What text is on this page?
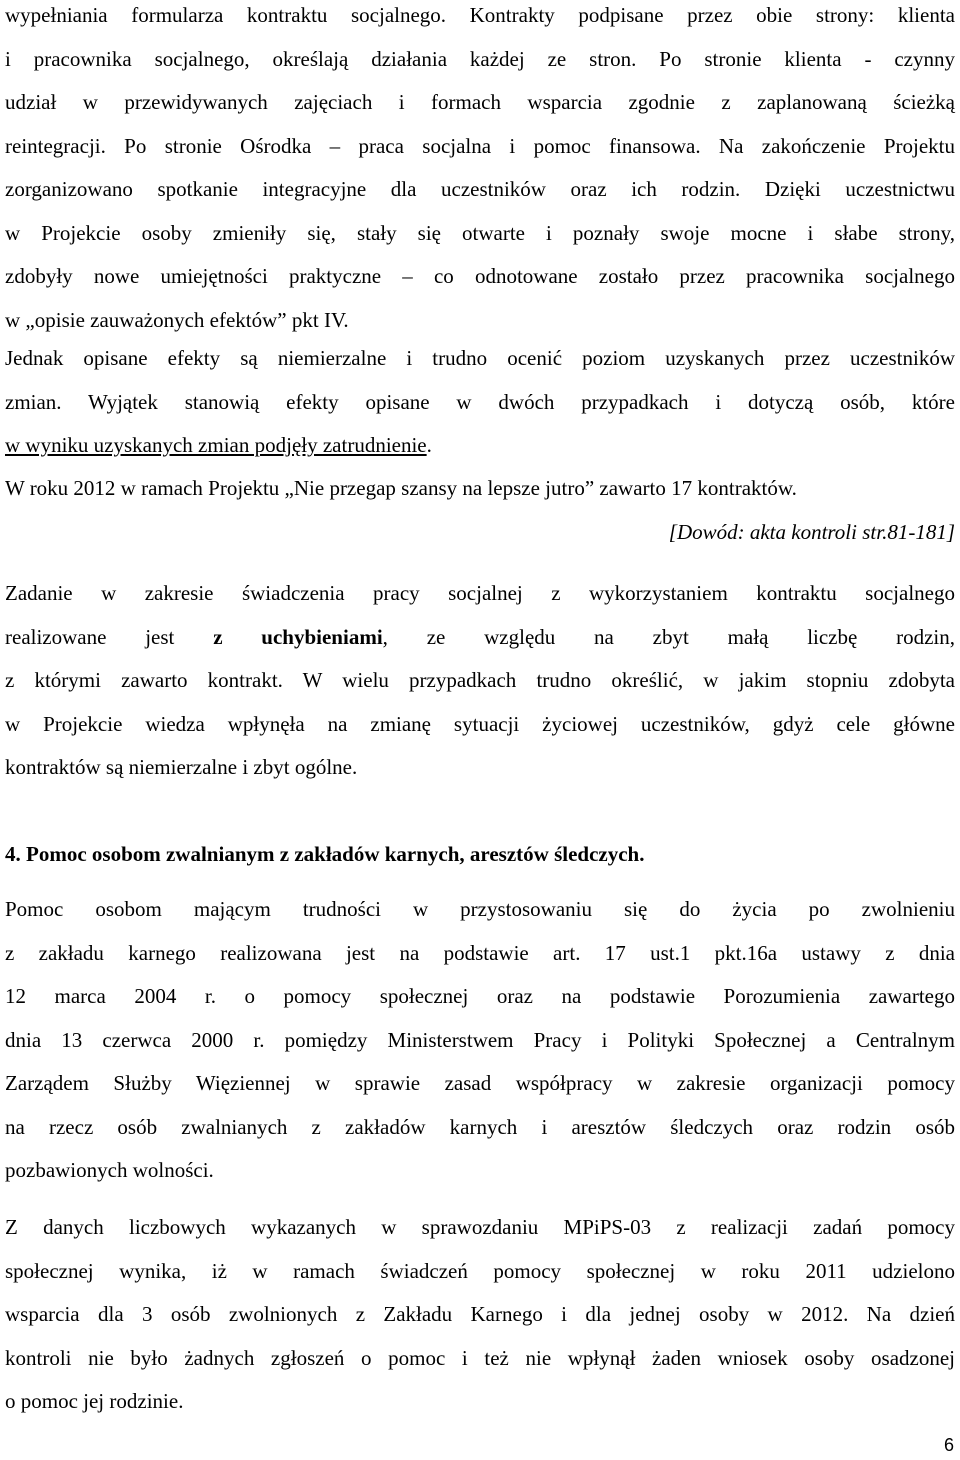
wypełniania formularza kontraktu socjalnego. Kontrakty podpisane przez obie strony: klienta
i pracownika socjalnego, określają działania każdej ze stron. Po stronie klienta - czynny
udział w przewidywanych zajęciach i formach wsparcia zgodnie z zaplanowaną ścieżką
reintegracji. Po stronie Ośrodka – praca socjalna i pomoc finansowa. Na zakończenie Projektu
zorganizowano spotkanie integracyjne dla uczestników oraz ich rodzin. Dzięki uczestnictwu
w Projekcie osoby zmieniły się, stały się otwarte i poznały swoje mocne i słabe strony,
zdobyły nowe umiejętności praktyczne – co odnotowane zostało przez pracownika socjalnego
w „opisie zauważonych efektów” pkt IV.
Jednak opisane efekty są niemierzalne i trudno ocenić poziom uzyskanych przez uczestników
zmian. Wyjątek stanowią efekty opisane w dwóch przypadkach i dotyczą osób, które
w wyniku uzyskanych zmian podjęły zatrudnienie.
W roku 2012 w ramach Projektu „Nie przegap szansy na lepsze jutro” zawarto 17 kontraktów.
[Dowód: akta kontroli str.81-181]
Zadanie w zakresie świadczenia pracy socjalnej z wykorzystaniem kontraktu socjalnego
realizowane jest z uchybieniami, ze względu na zbyt małą liczbę rodzin,
z którymi zawarto kontrakt. W wielu przypadkach trudno określić, w jakim stopniu zdobyta
w Projekcie wiedza wpłynęła na zmianę sytuacji życiowej uczestników, gdyż cele główne
kontraktów są niemierzalne i zbyt ogólne.
4. Pomoc osobom zwalnianym z zakładów karnych, aresztów śledczych.
Pomoc osobom mającym trudności w przystosowaniu się do życia po zwolnieniu
z zakładu karnego realizowana jest na podstawie art. 17 ust.1 pkt.16a ustawy z dnia
12 marca 2004 r. o pomocy społecznej oraz na podstawie Porozumienia zawartego
dnia 13 czerwca 2000 r. pomiędzy Ministerstwem Pracy i Polityki Społecznej a Centralnym
Zarządem Służby Więziennej w sprawie zasad współpracy w zakresie organizacji pomocy
na rzecz osób zwalnianych z zakładów karnych i aresztów śledczych oraz rodzin osób
pozbawionych wolności.
Z danych liczbowych wykazanych w sprawozdaniu MPiPS-03 z realizacji zadań pomocy
społecznej wynika, iż w ramach świadczeń pomocy społecznej w roku 2011 udzielono
wsparcia dla 3 osób zwolnionych z Zakładu Karnego i dla jednej osoby w 2012. Na dzień
kontroli nie było żadnych zgłoszeń o pomoc i też nie wpłynął żaden wniosek osoby osadzonej
o pomoc jej rodzinie.
6
